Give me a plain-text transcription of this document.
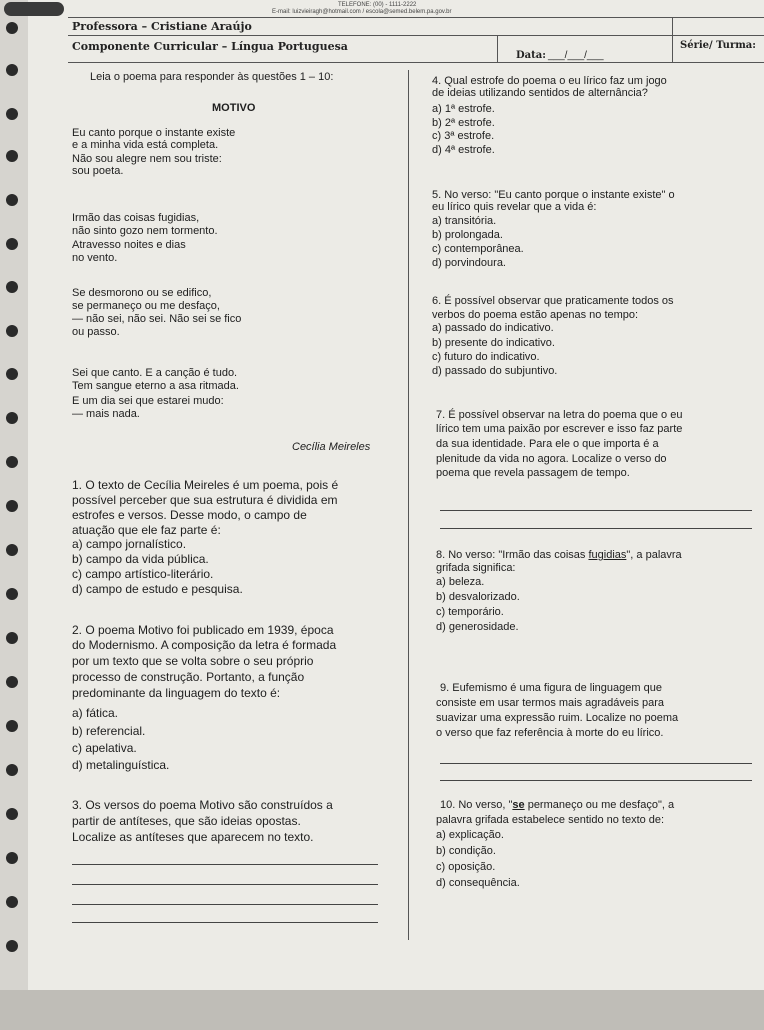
TELEFONE: (00) - 1111-2222
E-mail: luizvieiragh@hotmail.com / escola@semed.belem.pa.gov.br
Professora – Cristiane Araújo
Componente Curricular – Língua Portuguesa
Data: ___/___/___
Série/ Turma:
Leia o poema para responder às questões 1 – 10:
MOTIVO
Eu canto porque o instante existe
e a minha vida está completa.
Não sou alegre nem sou triste:
sou poeta.
Irmão das coisas fugidias,
não sinto gozo nem tormento.
Atravesso noites e dias
no vento.
Se desmorono ou se edifico,
se permaneço ou me desfaço,
— não sei, não sei. Não sei se fico
ou passo.
Sei que canto. E a canção é tudo.
Tem sangue eterno a asa ritmada.
E um dia sei que estarei mudo:
— mais nada.
Cecília Meireles
1. O texto de Cecília Meireles é um poema, pois é
possível perceber que sua estrutura é dividida em
estrofes e versos. Desse modo, o campo de
atuação que ele faz parte é:
a) campo jornalístico.
b) campo da vida pública.
c) campo artístico-literário.
d) campo de estudo e pesquisa.
2. O poema Motivo foi publicado em 1939, época
do Modernismo. A composição da letra é formada
por um texto que se volta sobre o seu próprio
processo de construção. Portanto, a função
predominante da linguagem do texto é:
a) fática.
b) referencial.
c) apelativa.
d) metalinguística.
3. Os versos do poema Motivo são construídos a
partir de antíteses, que são ideias opostas.
Localize as antíteses que aparecem no texto.
4. Qual estrofe do poema o eu lírico faz um jogo
de ideias utilizando sentidos de alternância?
a) 1ª estrofe.
b) 2ª estrofe.
c) 3ª estrofe.
d) 4ª estrofe.
5. No verso: "Eu canto porque o instante existe" o
eu lírico quis revelar que a vida é:
a) transitória.
b) prolongada.
c) contemporânea.
d) porvindoura.
6. É possível observar que praticamente todos os
verbos do poema estão apenas no tempo:
a) passado do indicativo.
b) presente do indicativo.
c) futuro do indicativo.
d) passado do subjuntivo.
7. É possível observar na letra do poema que o eu
lírico tem uma paixão por escrever e isso faz parte
da sua identidade. Para ele o que importa é a
plenitude da vida no agora. Localize o verso do
poema que revela passagem de tempo.
8. No verso: "Irmão das coisas fugidias", a palavra
grifada significa:
a) beleza.
b) desvalorizado.
c) temporário.
d) generosidade.
9. Eufemismo é uma figura de linguagem que
consiste em usar termos mais agradáveis para
suavizar uma expressão ruim. Localize no poema
o verso que faz referência à morte do eu lírico.
10. No verso, "se permaneço ou me desfaço", a
palavra grifada estabelece sentido no texto de:
a) explicação.
b) condição.
c) oposição.
d) consequência.
